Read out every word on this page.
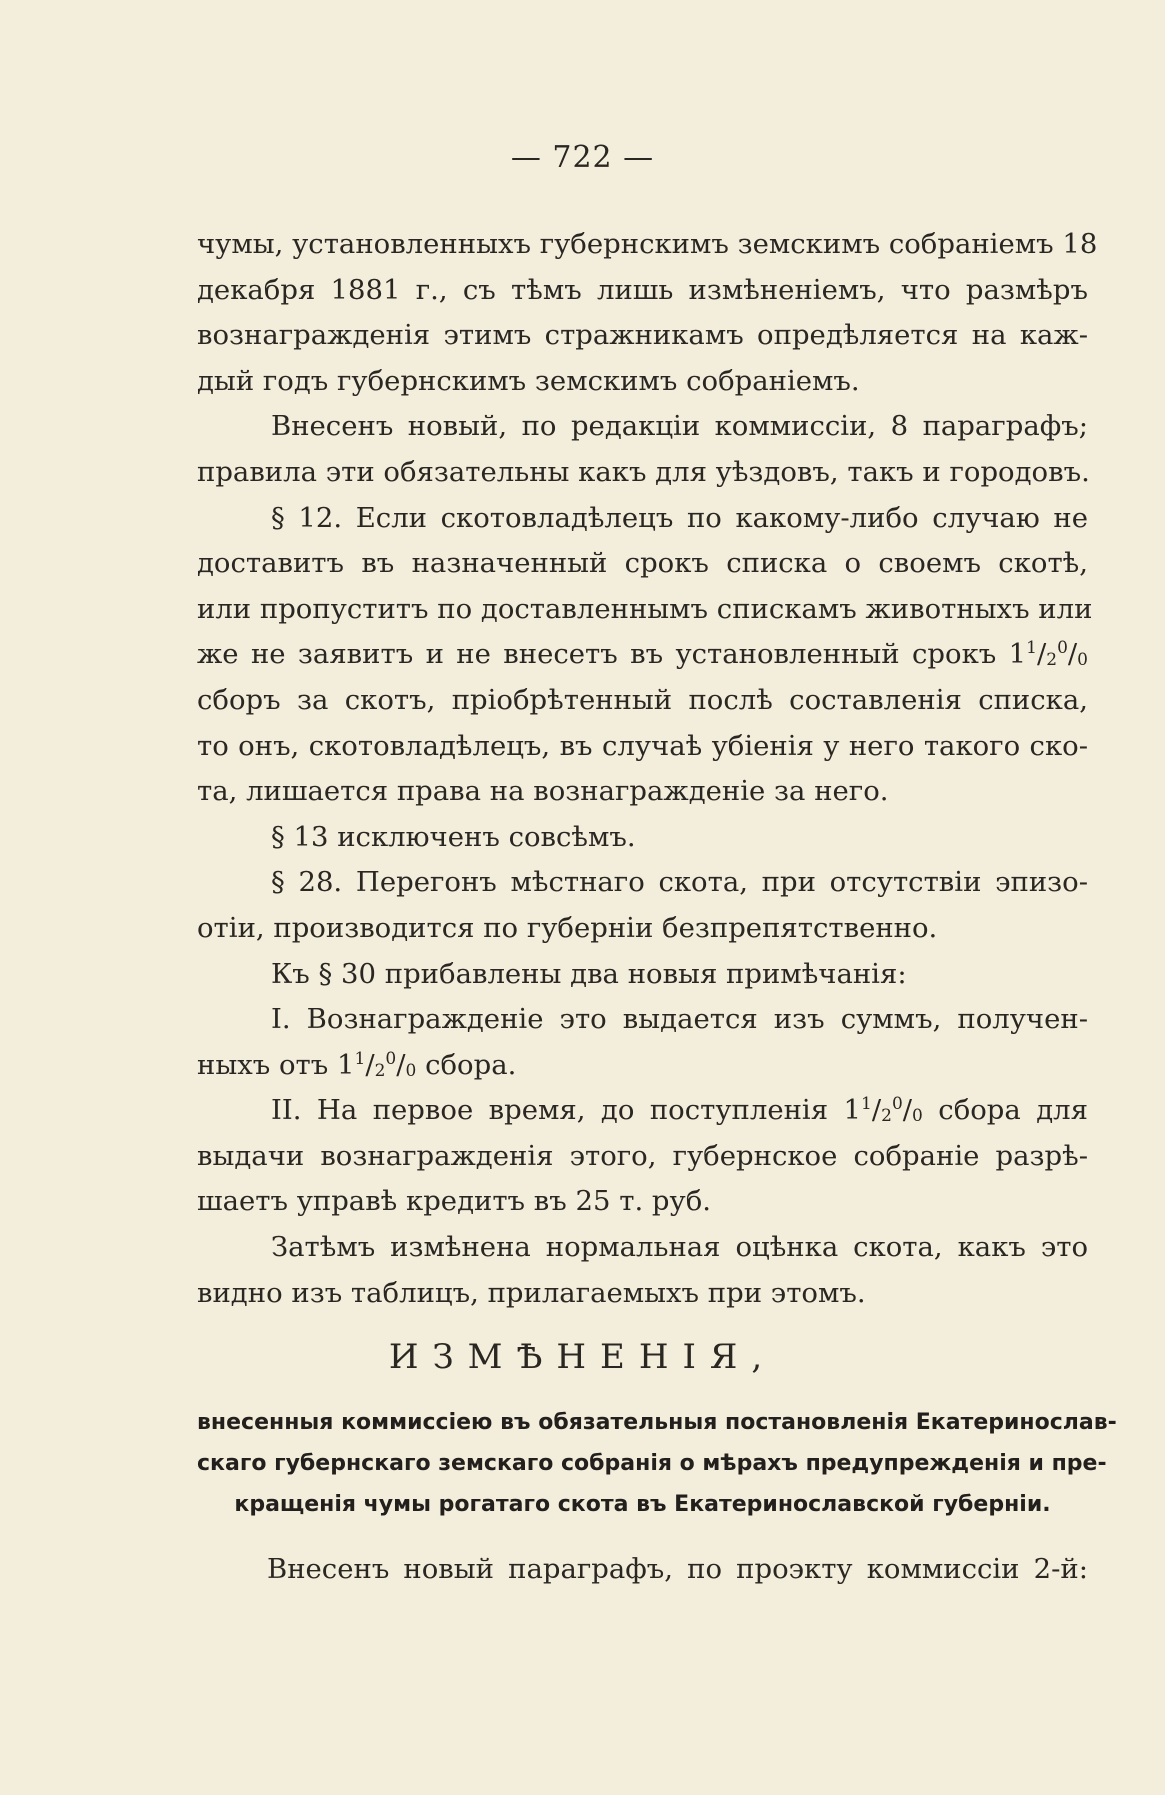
— 722 —
чумы, установленныхъ губернскимъ земскимъ собраніемъ 18
декабря 1881 г., съ тѣмъ лишь измѣненіемъ, что размѣръ
вознагражденія этимъ стражникамъ опредѣляется на каж-
дый годъ губернскимъ земскимъ собраніемъ.
Внесенъ новый, по редакціи коммиссіи, 8 параграфъ;
правила эти обязательны какъ для уѣздовъ, такъ и городовъ.
§ 12. Если скотовладѣлецъ по какому-либо случаю не
доставитъ въ назначенный срокъ списка о своемъ скотѣ,
или пропуститъ по доставленнымъ спискамъ животныхъ или
же не заявитъ и не внесетъ въ установленный срокъ $1^1/_2^0/_0$
сборъ за скотъ, пріобрѣтенный послѣ составленія списка,
то онъ, скотовладѣлецъ, въ случаѣ убіенія у него такого ско-
та, лишается права на вознагражденіе за него.
§ 13 исключенъ совсѣмъ.
§ 28. Перегонъ мѣстнаго скота, при отсутствіи эпизо-
отіи, производится по губерніи безпрепятственно.
Къ § 30 прибавлены два новыя примѣчанія:
I. Вознагражденіе это выдается изъ суммъ, получен-
ныхъ отъ $1^1/_2^0/_0$ сбора.
II. На первое время, до поступленія $1^1/_2^0/_0$ сбора для
выдачи вознагражденія этого, губернское собраніе разрѣ-
шаетъ управѣ кредитъ въ 25 т. руб.
Затѣмъ измѣнена нормальная оцѣнка скота, какъ это
видно изъ таблицъ, прилагаемыхъ при этомъ.
ИЗМѢНЕНІЯ,
внесенныя коммиссіею въ обязательныя постановленія Екатеринослав-
скаго губернскаго земскаго собранія о мѣрахъ предупрежденія и пре-
кращенія чумы рогатаго скота въ Екатеринославской губерніи.
Внесенъ новый параграфъ, по проэкту коммиссіи 2-й:
